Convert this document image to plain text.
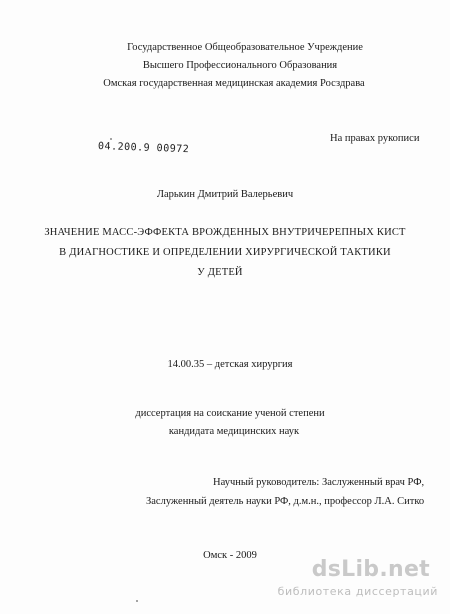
Государственное Общеобразовательное Учреждение
Высшего Профессионального Образования
Омская государственная медицинская академия Росздрава
На правах рукописи
04.200.9 00972
Ларькин Дмитрий Валерьевич
ЗНАЧЕНИЕ МАСС-ЭФФЕКТА ВРОЖДЕННЫХ ВНУТРИЧЕРЕПНЫХ КИСТ
В ДИАГНОСТИКЕ И ОПРЕДЕЛЕНИИ ХИРУРГИЧЕСКОЙ ТАКТИКИ
У ДЕТЕЙ
14.00.35 – детская хирургия
диссертация на соискание ученой степени
кандидата медицинских наук
Научный руководитель: Заслуженный врач РФ,
Заслуженный деятель науки РФ, д.м.н., профессор Л.А. Ситко
Омск - 2009
dsLib.net
библиотека диссертаций
